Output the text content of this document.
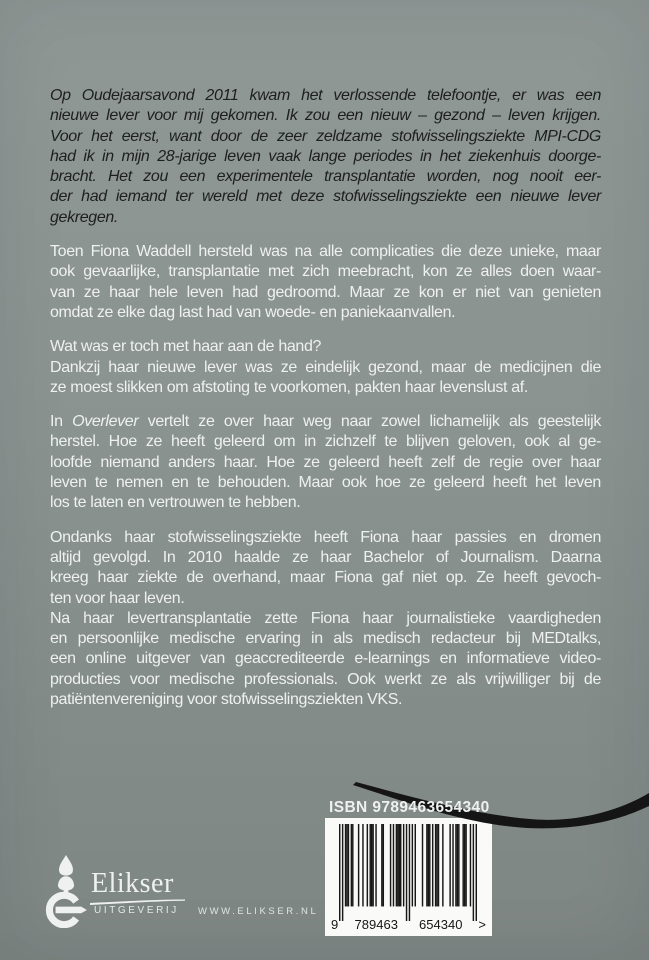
Op Oudejaarsavond 2011 kwam het verlossende telefoontje, er was een
nieuwe lever voor mij gekomen. Ik zou een nieuw – gezond – leven krijgen.
Voor het eerst, want door de zeer zeldzame stofwisselingsziekte MPI-CDG
had ik in mijn 28-jarige leven vaak lange periodes in het ziekenhuis doorge-
bracht. Het zou een experimentele transplantatie worden, nog nooit eer-
der had iemand ter wereld met deze stofwisselingsziekte een nieuwe lever
gekregen.
Toen Fiona Waddell hersteld was na alle complicaties die deze unieke, maar
ook gevaarlijke, transplantatie met zich meebracht, kon ze alles doen waar-
van ze haar hele leven had gedroomd. Maar ze kon er niet van genieten
omdat ze elke dag last had van woede- en paniekaanvallen.
Wat was er toch met haar aan de hand?
Dankzij haar nieuwe lever was ze eindelijk gezond, maar de medicijnen die
ze moest slikken om afstoting te voorkomen, pakten haar levenslust af.
In Overlever vertelt ze over haar weg naar zowel lichamelijk als geestelijk
herstel. Hoe ze heeft geleerd om in zichzelf te blijven geloven, ook al ge-
loofde niemand anders haar. Hoe ze geleerd heeft zelf de regie over haar
leven te nemen en te behouden. Maar ook hoe ze geleerd heeft het leven
los te laten en vertrouwen te hebben.
Ondanks haar stofwisselingsziekte heeft Fiona haar passies en dromen
altijd gevolgd. In 2010 haalde ze haar Bachelor of Journalism. Daarna
kreeg haar ziekte de overhand, maar Fiona gaf niet op. Ze heeft gevoch-
ten voor haar leven.
Na haar levertransplantatie zette Fiona haar journalistieke vaardigheden
en persoonlijke medische ervaring in als medisch redacteur bij MEDtalks,
een online uitgever van geaccrediteerde e-learnings en informatieve video-
producties voor medische professionals. Ook werkt ze als vrijwilliger bij de
patiëntenvereniging voor stofwisselingsziekten VKS.
ISBN 9789463654340
9	789463	654340	>
Elikser
UITGEVERIJ WWW.ELIKSER.NL
